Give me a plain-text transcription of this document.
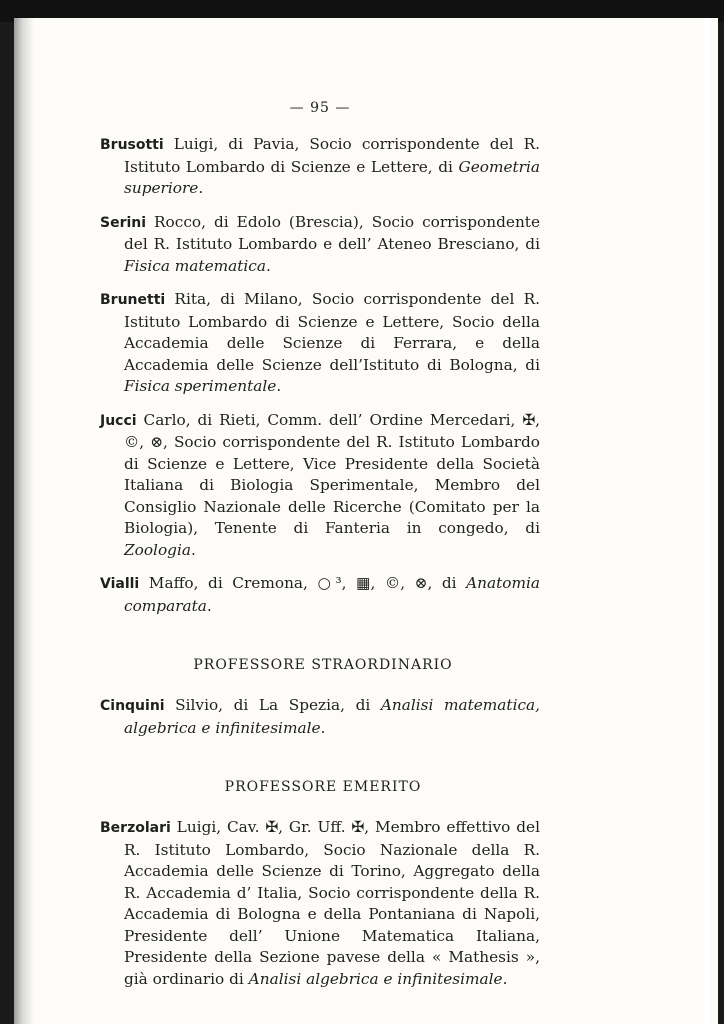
— 95 —

Brusotti Luigi, di Pavia, Socio corrispondente del R. Istituto Lombardo di Scienze e Lettere, di Geometria superiore.

Serini Rocco, di Edolo (Brescia), Socio corrispondente del R. Istituto Lombardo e dell’ Ateneo Bresciano, di Fisica matematica.

Brunetti Rita, di Milano, Socio corrispondente del R. Istituto Lombardo di Scienze e Lettere, Socio della Accademia delle Scienze di Ferrara, e della Accademia delle Scienze dell’Istituto di Bologna, di Fisica sperimentale.

Jucci Carlo, di Rieti, Comm. dell’ Ordine Mercedari, ✠, ©, ⊗, Socio corrispondente del R. Istituto Lombardo di Scienze e Lettere, Vice Presidente della Società Italiana di Biologia Sperimentale, Membro del Consiglio Nazionale delle Ricerche (Comitato per la Biologia), Tenente di Fanteria in congedo, di Zoologia.

Vialli Maffo, di Cremona, ○³, ▦, ©, ⊗, di Anatomia comparata.

PROFESSORE STRAORDINARIO

Cinquini Silvio, di La Spezia, di Analisi matematica, algebrica e infinitesimale.

PROFESSORE EMERITO

Berzolari Luigi, Cav. ✠, Gr. Uff. ✠, Membro effettivo del R. Istituto Lombardo, Socio Nazionale della R. Accademia delle Scienze di Torino, Aggregato della R. Accademia d’ Italia, Socio corrispondente della R. Accademia di Bologna e della Pontaniana di Napoli, Presidente dell’ Unione Matematica Italiana, Presidente della Sezione pavese della « Mathesis », già ordinario di Analisi algebrica e infinitesimale.
